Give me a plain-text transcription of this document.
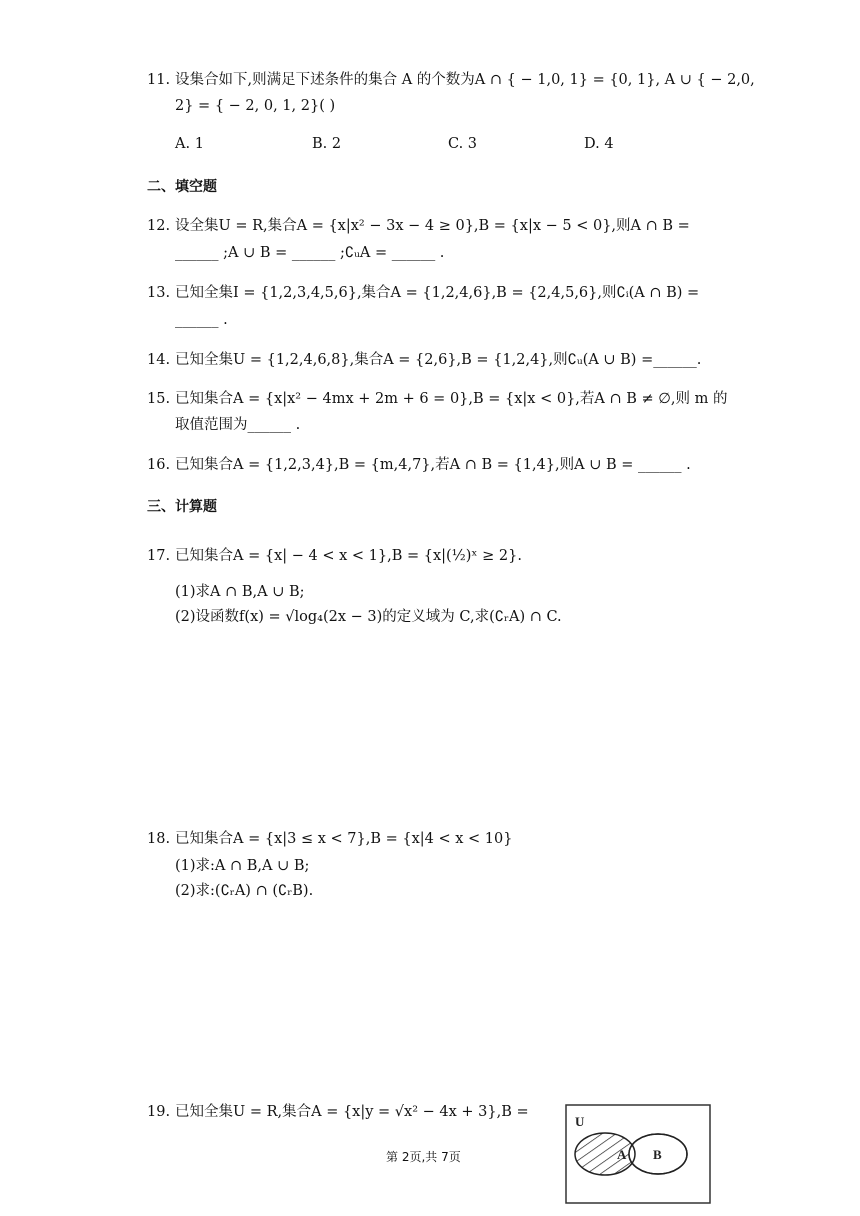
11. 设集合如下,则满足下述条件的集合 A 的个数为A ∩ { − 1,0, 1} = {0, 1}, A ∪ { − 2,0,
2} = { − 2, 0, 1, 2}( )
A. 1	B. 2	C. 3	D. 4
二、填空题
12. 设全集U = R,集合A = {x|x² − 3x − 4 ≥ 0},B = {x|x − 5 < 0},则A ∩ B =
______ ;A ∪ B = ______ ;∁ᵤA = ______ .
13. 已知全集I = {1,2,3,4,5,6},集合A = {1,2,4,6},B = {2,4,5,6},则∁ᵢ(A ∩ B) =
______ .
14. 已知全集U = {1,2,4,6,8},集合A = {2,6},B = {1,2,4},则∁ᵤ(A ∪ B) =______.
15. 已知集合A = {x|x² − 4mx + 2m + 6 = 0},B = {x|x < 0},若A ∩ B ≠ ∅,则 m 的
取值范围为______ .
16. 已知集合A = {1,2,3,4},B = {m,4,7},若A ∩ B = {1,4},则A ∪ B = ______ .
三、计算题
17. 已知集合A = {x| − 4 < x < 1},B = {x|(½)ˣ ≥ 2}.
(1)求A ∩ B,A ∪ B;
(2)设函数f(x) = √log₄(2x − 3)的定义域为 C,求(∁ᵣA) ∩ C.
18. 已知集合A = {x|3 ≤ x < 7},B = {x|4 < x < 10}
(1)求:A ∩ B,A ∪ B;
(2)求:(∁ᵣA) ∩ (∁ᵣB).
19. 已知全集U = R,集合A = {x|y = √x² − 4x + 3},B =
U
A B
第 2页,共 7页
